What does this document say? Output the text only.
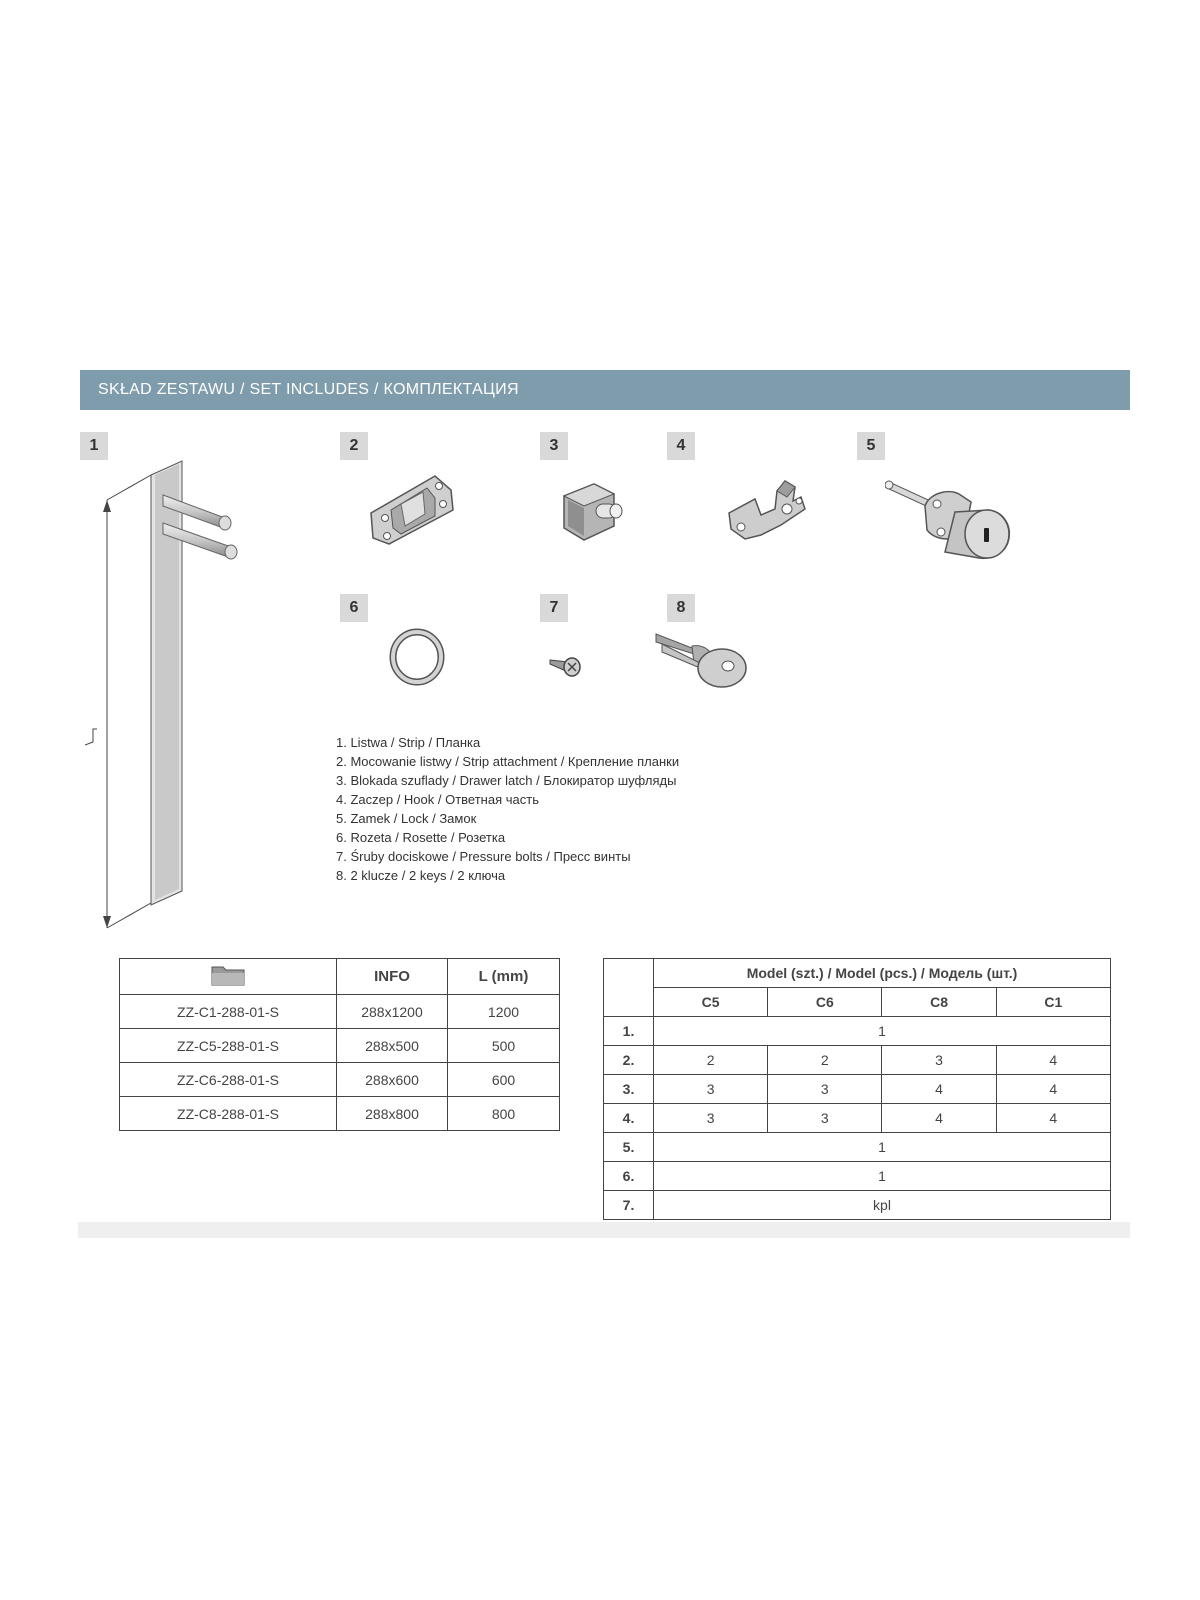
SKŁAD ZESTAWU / SET INCLUDES / КОМПЛЕКТАЦИЯ
1	2	3	4	5
6	7	8
1. Listwa / Strip / Планка
2. Mocowanie listwy / Strip attachment / Крепление планки
3. Blokada szuflady / Drawer latch / Блокиратор шуфляды
4. Zaczep / Hook / Ответная часть
5. Zamek / Lock / Замок
6. Rozeta / Rosette / Розетка
7. Śruby dociskowe / Pressure bolts / Пресс винты
8. 2 klucze / 2 keys / 2 ключа
	INFO	L (mm)
ZZ-C1-288-01-S	288x1200	1200
ZZ-C5-288-01-S	288x500	500
ZZ-C6-288-01-S	288x600	600
ZZ-C8-288-01-S	288x800	800
	Model (szt.) / Model (pcs.) / Модель (шт.)			
	C5	C6	C8	C1
1.	1			
2.	2	2	3	4
3.	3	3	4	4
4.	3	3	4	4
5.	1			
6.	1			
7.	kpl			
